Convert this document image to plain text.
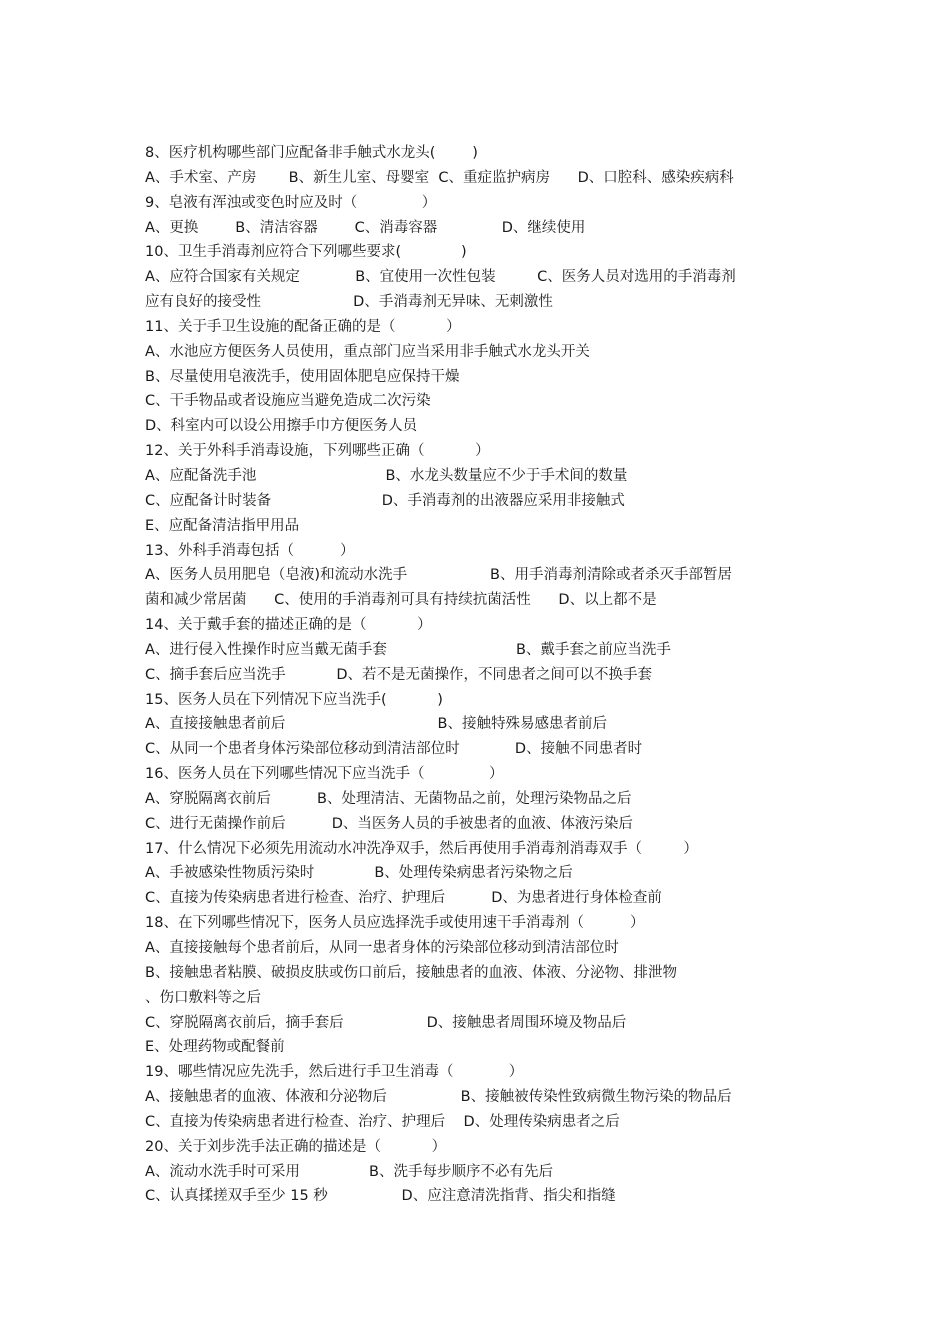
8、医疗机构哪些部门应配备非手触式水龙头(        )
A、手术室、产房       B、新生儿室、母婴室  C、重症监护病房      D、口腔科、感染疾病科
9、皂液有浑浊或变色时应及时（              ）
A、更换        B、清洁容器        C、消毒容器              D、继续使用
10、卫生手消毒剂应符合下列哪些要求(             )
A、应符合国家有关规定            B、宜使用一次性包装         C、医务人员对选用的手消毒剂
应有良好的接受性                    D、手消毒剂无异味、无刺激性
11、关于手卫生设施的配备正确的是（           ）
A、水池应方便医务人员使用，重点部门应当采用非手触式水龙头开关
B、尽量使用皂液洗手，使用固体肥皂应保持干燥
C、干手物品或者设施应当避免造成二次污染
D、科室内可以设公用擦手巾方便医务人员
12、关于外科手消毒设施，下列哪些正确（           ）
A、应配备洗手池                            B、水龙头数量应不少于手术间的数量
C、应配备计时装备                        D、手消毒剂的出液器应采用非接触式
E、应配备清洁指甲用品
13、外科手消毒包括（          ）
A、医务人员用肥皂（皂液)和流动水洗手                  B、用手消毒剂清除或者杀灭手部暂居
菌和减少常居菌      C、使用的手消毒剂可具有持续抗菌活性      D、以上都不是
14、关于戴手套的描述正确的是（           ）
A、进行侵入性操作时应当戴无菌手套                            B、戴手套之前应当洗手
C、摘手套后应当洗手           D、若不是无菌操作，不同患者之间可以不换手套
15、医务人员在下列情况下应当洗手(           )
A、直接接触患者前后                                 B、接触特殊易感患者前后
C、从同一个患者身体污染部位移动到清洁部位时            D、接触不同患者时
16、医务人员在下列哪些情况下应当洗手（              ）
A、穿脱隔离衣前后          B、处理清洁、无菌物品之前，处理污染物品之后
C、进行无菌操作前后          D、当医务人员的手被患者的血液、体液污染后
17、什么情况下必须先用流动水冲洗净双手，然后再使用手消毒剂消毒双手（         ）
A、手被感染性物质污染时             B、处理传染病患者污染物之后
C、直接为传染病患者进行检查、治疗、护理后          D、为患者进行身体检查前
18、在下列哪些情况下，医务人员应选择洗手或使用速干手消毒剂（          ）
A、直接接触每个患者前后，从同一患者身体的污染部位移动到清洁部位时
B、接触患者粘膜、破损皮肤或伤口前后，接触患者的血液、体液、分泌物、排泄物
、伤口敷料等之后
C、穿脱隔离衣前后，摘手套后                  D、接触患者周围环境及物品后
E、处理药物或配餐前
19、哪些情况应先洗手，然后进行手卫生消毒（            ）
A、接触患者的血液、体液和分泌物后                B、接触被传染性致病微生物污染的物品后
C、直接为传染病患者进行检查、治疗、护理后    D、处理传染病患者之后
20、关于刘步洗手法正确的描述是（           ）
A、流动水洗手时可采用               B、洗手每步顺序不必有先后
C、认真揉搓双手至少 15 秒                D、应注意清洗指背、指尖和指缝
